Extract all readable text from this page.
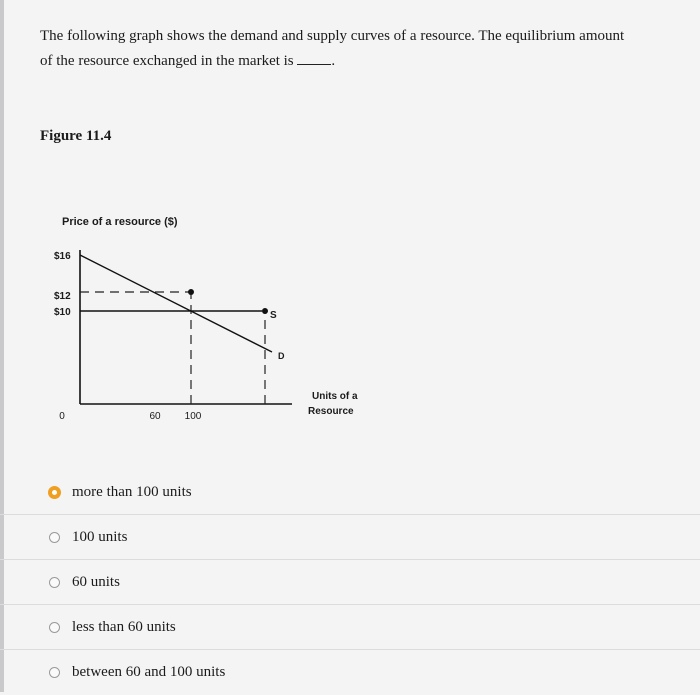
The following graph shows the demand and supply curves of a resource. The equilibrium amount
of the resource exchanged in the market is	.

Figure 11.4

Price of a resource ($)
$16
$12
$10
0	60 100
Units of a
Resource
S
D
more than 100 units
100 units
60 units
less than 60 units
between 60 and 100 units
